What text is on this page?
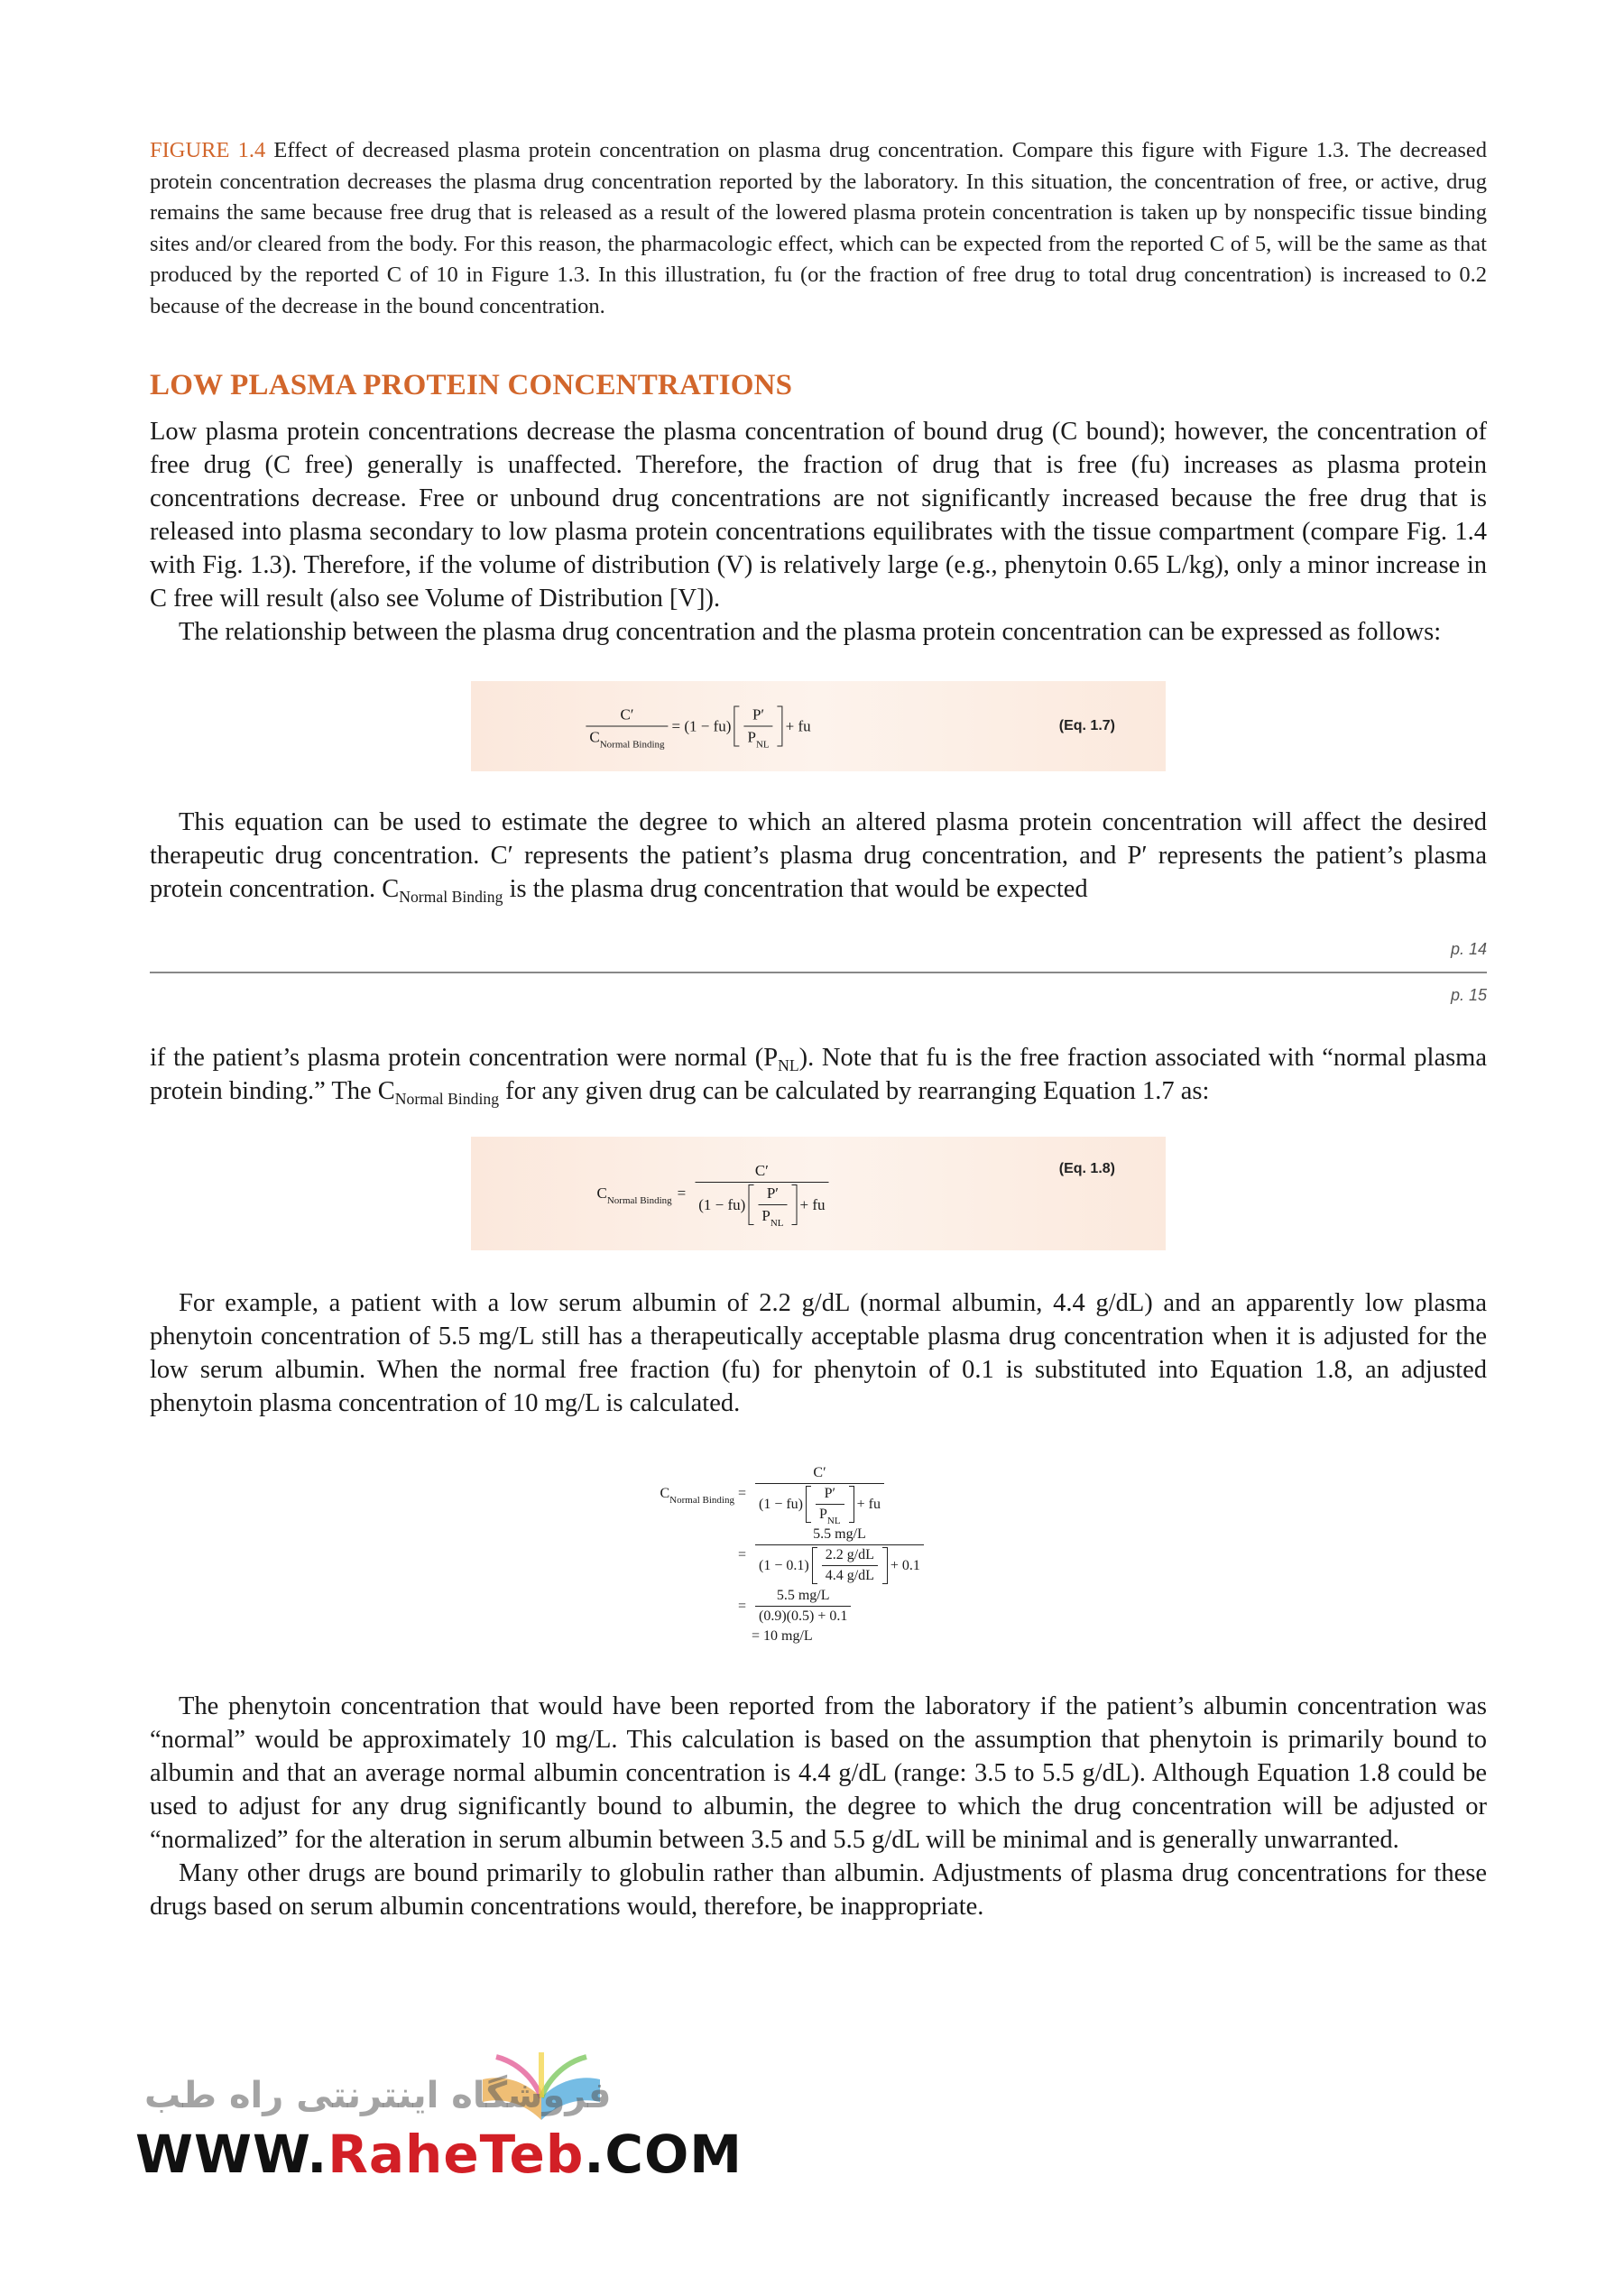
FIGURE 1.4 Effect of decreased plasma protein concentration on plasma drug concentration. Compare this figure with Figure 1.3. The decreased protein concentration decreases the plasma drug concentration reported by the laboratory. In this situation, the concentration of free, or active, drug remains the same because free drug that is released as a result of the lowered plasma protein concentration is taken up by nonspecific tissue binding sites and/or cleared from the body. For this reason, the pharmacologic effect, which can be expected from the reported C of 5, will be the same as that produced by the reported C of 10 in Figure 1.3. In this illustration, fu (or the fraction of free drug to total drug concentration) is increased to 0.2 because of the decrease in the bound concentration.

LOW PLASMA PROTEIN CONCENTRATIONS

Low plasma protein concentrations decrease the plasma concentration of bound drug (C bound); however, the concentration of free drug (C free) generally is unaffected. Therefore, the fraction of drug that is free (fu) increases as plasma protein concentrations decrease. Free or unbound drug concentrations are not significantly increased because the free drug that is released into plasma secondary to low plasma protein concentrations equilibrates with the tissue compartment (compare Fig. 1.4 with Fig. 1.3). Therefore, if the volume of distribution (V) is relatively large (e.g., phenytoin 0.65 L/kg), only a minor increase in C free will result (also see Volume of Distribution [V]).

The relationship between the plasma drug concentration and the plasma protein concentration can be expressed as follows:

$\frac{C'}{C_{Normal Binding}} = (1 - fu) \frac{P'}{P_{NL}}$ + fu	(Eq. 1.7)

This equation can be used to estimate the degree to which an altered plasma protein concentration will affect the desired therapeutic drug concentration. C′ represents the patient’s plasma drug concentration, and P′ represents the patient’s plasma protein concentration. $C_{Normal Binding}$ is the plasma drug concentration that would be expected

p. 14
p. 15

if the patient’s plasma protein concentration were normal $(P_{NL})$. Note that fu is the free fraction associated with “normal plasma protein binding.” The $C_{Normal Binding}$ for any given drug can be calculated by rearranging Equation 1.7 as:

$C_{Normal Binding}$ =
C′
$(1 - fu) \frac{P'}{P_{NL}}$ + fu
(Eq. 1.8)

For example, a patient with a low serum albumin of 2.2 g/dL (normal albumin, 4.4 g/dL) and an apparently low plasma phenytoin concentration of 5.5 mg/L still has a therapeutically acceptable plasma drug concentration when it is adjusted for the low serum albumin. When the normal free fraction (fu) for phenytoin of 0.1 is substituted into Equation 1.8, an adjusted phenytoin plasma concentration of 10 mg/L is calculated.

$C_{Normal Binding}$ =
C′
$(1 - fu) \frac{P'}{P_{NL}}$ + fu
=
5.5 mg/L
$(1 - 0.1) \frac{2.2 g/dL}{4.4 g/dL} + 0.1$
= $\frac{5.5 mg/L}{(0.9)(0.5) + 0.1}$
= 10 mg/L

The phenytoin concentration that would have been reported from the laboratory if the patient’s albumin concentration was “normal” would be approximately 10 mg/L. This calculation is based on the assumption that phenytoin is primarily bound to albumin and that an average normal albumin concentration is 4.4 g/dL (range: 3.5 to 5.5 g/dL). Although Equation 1.8 could be used to adjust for any drug significantly bound to albumin, the degree to which the drug concentration will be adjusted or “normalized” for the alteration in serum albumin between 3.5 and 5.5 g/dL will be minimal and is generally unwarranted.

Many other drugs are bound primarily to globulin rather than albumin. Adjustments of plasma drug concentrations for these drugs based on serum albumin concentrations would, therefore, be inappropriate.

فروشگاه اینترنتی راه طب
WWW.RaheTeb.COM
